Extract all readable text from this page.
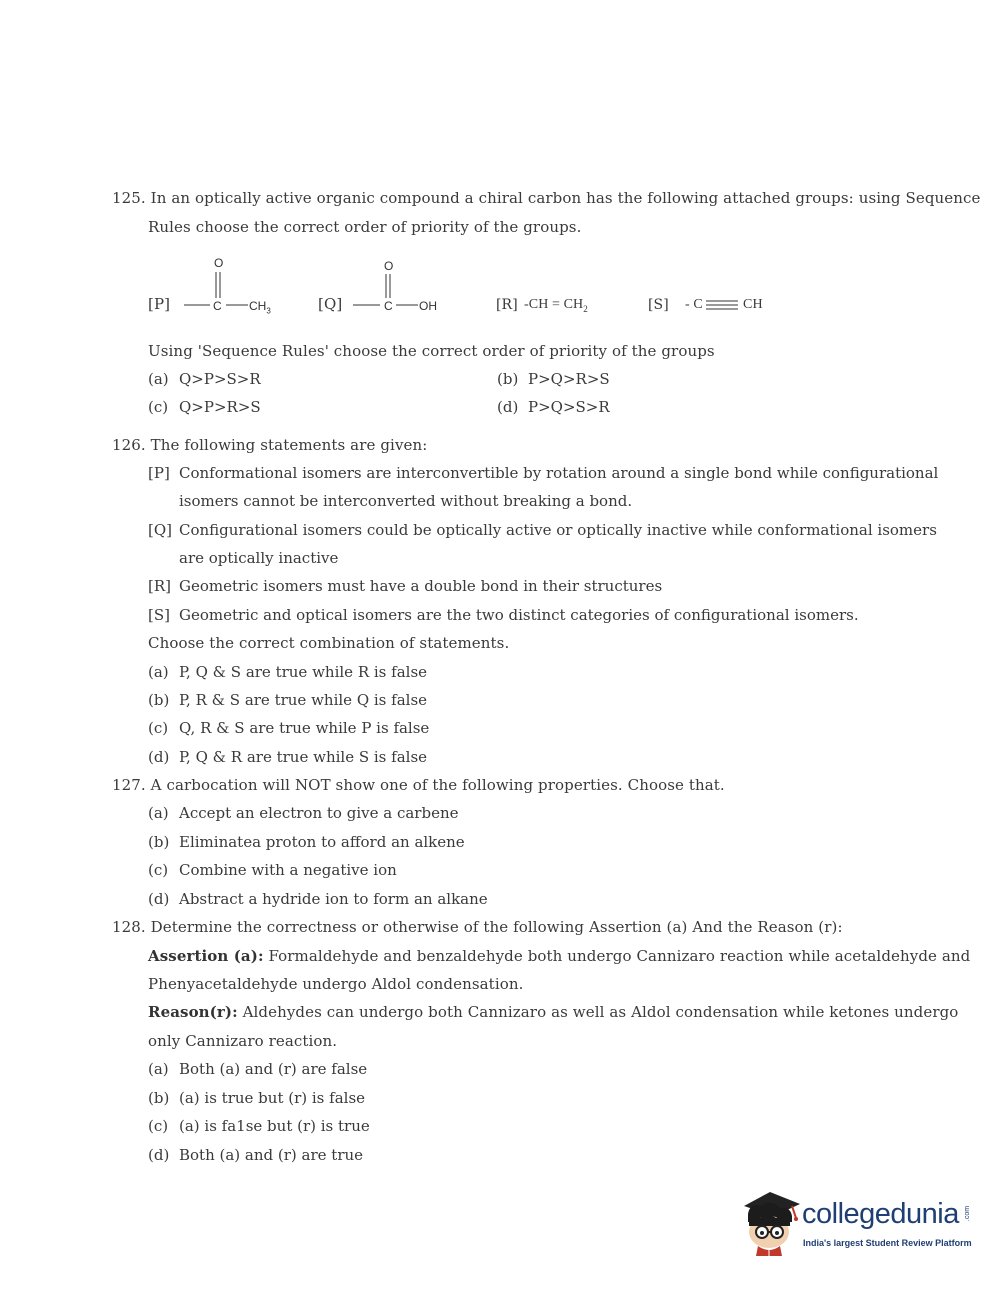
125. In an optically active organic compound a chiral carbon has the following attached groups: using Sequence
Rules choose the correct order of priority of the groups.
[P]
O
C $CH_3$	[Q]
O
C OH	[R] $-CH = CH_2$	[S] - C	CH
Using 'Sequence Rules' choose the correct order of priority of the groups
(a) Q>P>S>R	(b) P>Q>R>S
(c) Q>P>R>S	(d) P>Q>S>R
126. The following statements are given:
[P] Conformational isomers are interconvertible by rotation around a single bond while configurational
isomers cannot be interconverted without breaking a bond.
[Q] Configurational isomers could be optically active or optically inactive while conformational isomers
are optically inactive
[R] Geometric isomers must have a double bond in their structures
[S] Geometric and optical isomers are the two distinct categories of configurational isomers.
Choose the correct combination of statements.
(a) P, Q & S are true while R is false
(b) P, R & S are true while Q is false
(c) Q, R & S are true while P is false
(d) P, Q & R are true while S is false
127. A carbocation will NOT show one of the following properties. Choose that.
(a) Accept an electron to give a carbene
(b) Eliminatea proton to afford an alkene
(c) Combine with a negative ion
(d) Abstract a hydride ion to form an alkane
128. Determine the correctness or otherwise of the following Assertion (a) And the Reason (r):
Assertion (a): Formaldehyde and benzaldehyde both undergo Cannizaro reaction while acetaldehyde and
Phenyacetaldehyde undergo Aldol condensation.
Reason(r): Aldehydes can undergo both Cannizaro as well as Aldol condensation while ketones undergo
only Cannizaro reaction.
(a) Both (a) and (r) are false
(b) (a) is true but (r) is false
(c) (a) is fa1se but (r) is true
(d) Both (a) and (r) are true
collegedunia .com
India's largest Student Review Platform
